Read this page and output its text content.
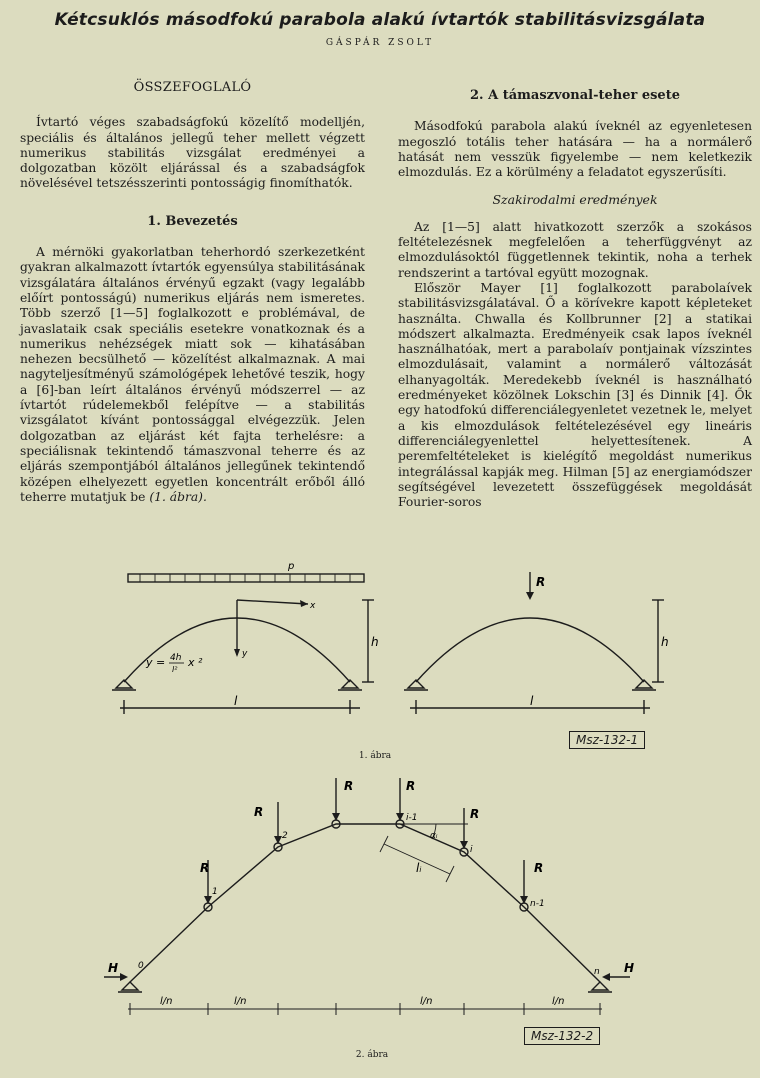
Kétcsuklós másodfokú parabola alakú ívtartók stabilitásvizsgálata
GÁSPÁR ZSOLT
ÖSSZEFOGLALÓ

Ívtartó véges szabadságfokú közelítő modelljén, speciális és általános jellegű teher mellett végzett numerikus stabilitás vizsgálat eredményei a dolgozatban közölt eljárással és a szabadságfok növelésével tetszésszerinti pontosságig finomíthatók.

1. Bevezetés

A mérnöki gyakorlatban teherhordó szerkezetként gyakran alkalmazott ívtartók egyensúlya stabilitásának vizsgálatára általános érvényű egzakt (vagy legalább előírt pontosságú) numerikus eljárás nem ismeretes. Több szerző [1—5] foglalkozott e problémával, de javaslataik csak speciális esetekre vonatkoznak és a numerikus nehézségek miatt sok — kihatásában nehezen becsülhető — közelítést alkalmaznak. A mai nagyteljesítményű számológépek lehetővé teszik, hogy a [6]-ban leírt általános érvényű módszerrel — az ívtartót rúdelemekből felépítve — a stabilitás vizsgálatot kívánt pontossággal elvégezzük. Jelen dolgozatban az eljárást két fajta terhelésre: a speciálisnak tekintendő támaszvonal teherre és az eljárás szempontjából általános jellegűnek tekintendő középen elhelyezett egyetlen koncentrált erőből álló teherre mutatjuk be (1. ábra).

2. A támaszvonal-teher esete

Másodfokú parabola alakú íveknél az egyenletesen megoszló totális teher hatására — ha a normálerő hatását nem vesszük figyelembe — nem keletkezik elmozdulás. Ez a körülmény a feladatot egyszerűsíti.

Szakirodalmi eredmények

Az [1—5] alatt hivatkozott szerzők a szokásos feltételezésnek megfelelően a teherfüggvényt az elmozdulásoktól függetlennek tekintik, noha a terhek rendszerint a tartóval együtt mozognak.

Először Mayer [1] foglalkozott parabolaívek stabilitásvizsgálatával. Ő a körívekre kapott képleteket használta. Chwalla és Kollbrunner [2] a statikai módszert alkalmazta. Eredményeik csak lapos íveknél használhatóak, mert a parabolaív pontjainak vízszintes elmozdulásait, valamint a normálerő változását elhanyagolták. Meredekebb íveknél is használható eredményeket közölnek Lokschin [3] és Dinnik [4]. Ők egy hatodfokú differenciálegyenletet vezetnek le, melyet a kis elmozdulások feltételezésével egy lineáris differenciálegyenlettel helyettesítenek. A peremfeltételeket is kielégítő megoldást numerikus integrálással kapják meg. Hilman [5] az energiamódszer segítségével levezetett összefüggések megoldását Fourier-soros

p
x
y
y = 4h
l²
x ²
h
l
R
h
l
Msz-132-1
1. ábra
R
R
R	R
R
R
H	H
0
1
2
i-1
i
n-1
n
αᵢ
lᵢ
l/n	l/n	l/n	l/n
Msz-132-2
2. ábra
